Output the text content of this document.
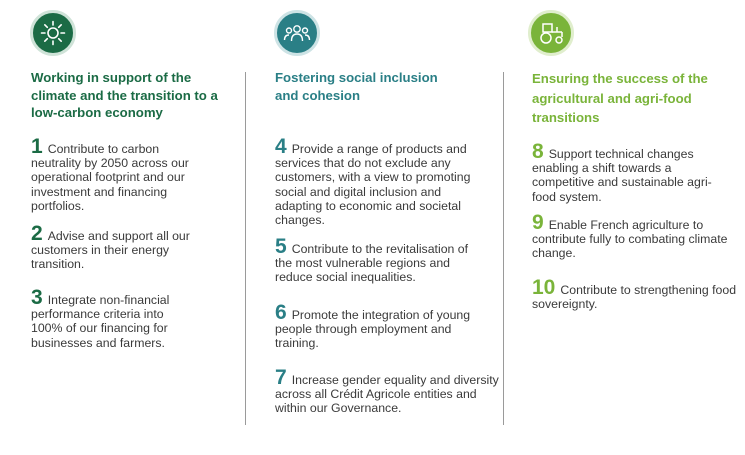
Working in support of the climate and the transition to a low-carbon economy
1 Contribute to carbon neutrality by 2050 across our operational footprint and our investment and financing portfolios.
2 Advise and support all our customers in their energy transition.
3 Integrate non-financial performance criteria into 100% of our financing for businesses and farmers.
Fostering social inclusion and cohesion
4 Provide a range of products and services that do not exclude any customers, with a view to promoting social and digital inclusion and adapting to economic and societal changes.
5 Contribute to the revitalisation of the most vulnerable regions and reduce social inequalities.
6 Promote the integration of young people through employment and training.
7 Increase gender equality and diversity across all Crédit Agricole entities and within our Governance.
Ensuring the success of the agricultural and agri-food transitions
8 Support technical changes enabling a shift towards a competitive and sustainable agri-food system.
9 Enable French agriculture to contribute fully to combating climate change.
10 Contribute to strengthening food sovereignty.
